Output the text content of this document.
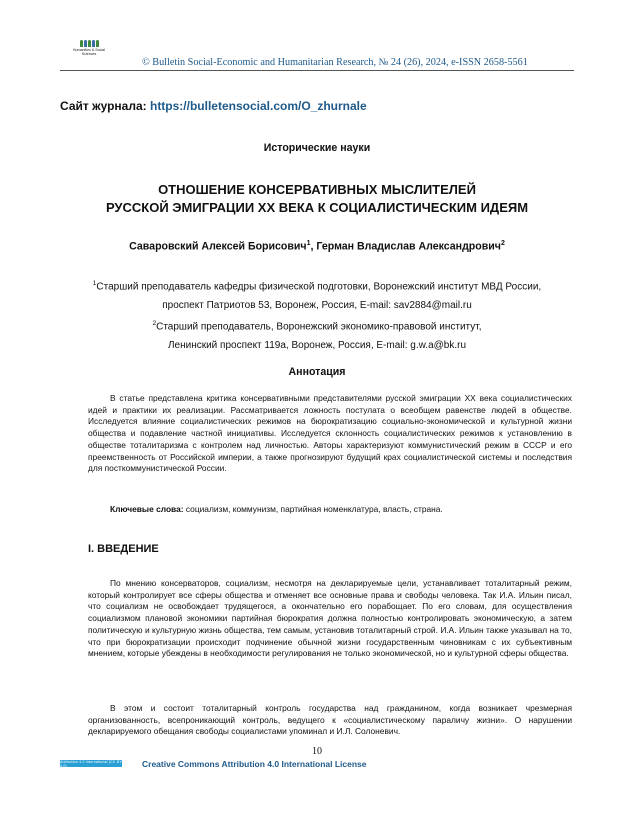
Humanities & Social
Sciences
© Bulletin Social-Economic and Humanitarian Research, № 24 (26), 2024, e-ISSN 2658-5561
Сайт журнала: https://bulletensocial.com/O_zhurnale
Исторические науки
ОТНОШЕНИЕ КОНСЕРВАТИВНЫХ МЫСЛИТЕЛЕЙ
РУССКОЙ ЭМИГРАЦИИ XX ВЕКА К СОЦИАЛИСТИЧЕСКИМ ИДЕЯМ
Саваровский Алексей Борисович$^1$, Герман Владислав Александрович$^2$
$^1$Старший преподаватель кафедры физической подготовки, Воронежский институт МВД России,
проспект Патриотов 53, Воронеж, Россия, E-mail: sav2884@mail.ru
$^2$Старший преподаватель, Воронежский экономико-правовой институт,
Ленинский проспект 119а, Воронеж, Россия, E-mail: g.w.a@bk.ru
Аннотация

В статье представлена критика консервативными представителями русской эмиграции XX века социалистических идей и практики их реализации. Рассматривается ложность постулата о всеобщем равенстве людей в обществе. Исследуется влияние социалистических режимов на бюрократизацию социально-экономической и культурной жизни общества и подавление частной инициативы. Исследуется склонность социалистических режимов к установлению в обществе тоталитаризма с контролем над личностью. Авторы характеризуют коммунистический режим в СССР и его преемственность от Российской империи, а также прогнозируют будущий крах социалистической системы и последствия для посткоммунистической России.

Ключевые слова: социализм, коммунизм, партийная номенклатура, власть, страна.
I. ВВЕДЕНИЕ

По мнению консерваторов, социализм, несмотря на декларируемые цели, устанавливает тоталитарный режим, который контролирует все сферы общества и отменяет все основные права и свободы человека. Так И.А. Ильин писал, что социализм не освобождает трудящегося, а окончательно его порабощает. По его словам, для осуществления социализмом плановой экономики партийная бюрократия должна полностью контролировать экономическую, а затем политическую и культурную жизнь общества, тем самым, установив тоталитарный строй. И.А. Ильин также указывал на то, что при бюрократизации происходит подчинение обычной жизни государственным чиновникам с их субъективным мнением, которые убеждены в необходимости регулирования не только экономической, но и культурной сферы общества.

В этом и состоит тоталитарный контроль государства над гражданином, когда возникает чрезмерная организованность, всепроникающий контроль, ведущего к «социалистическому параличу жизни». О нарушении декларируемого обещания свободы социалистами упоминал и И.Л. Солоневич.

10
Attribution 4.0 International (CC BY 4.0)	Creative Commons Attribution 4.0 International License
